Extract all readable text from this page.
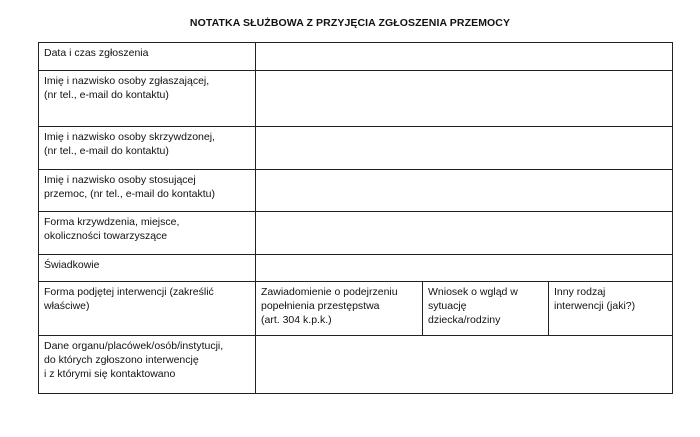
NOTATKA SŁUŻBOWA Z PRZYJĘCIA ZGŁOSZENIA PRZEMOCY
Data i czas zgłoszenia			

Imię i nazwisko osoby zgłaszającej,
(nr tel., e-mail do kontaktu)			

Imię i nazwisko osoby skrzywdzonej,
(nr tel., e-mail do kontaktu)			

Imię i nazwisko osoby stosującej
przemoc, (nr tel., e-mail do kontaktu)			

Forma krzywdzenia, miejsce,
okoliczności towarzyszące			

Świadkowie			

Forma podjętej interwencji (zakreślić
właściwe)	Zawiadomienie o podejrzeniu
popełnienia przestępstwa
(art. 304 k.p.k.)	Wniosek o wgląd w
sytuację
dziecka/rodziny	Inny rodzaj
interwencji (jaki?)

Dane organu/placówek/osób/instytucji,
do których zgłoszono interwencję
i z którymi się kontaktowano			
